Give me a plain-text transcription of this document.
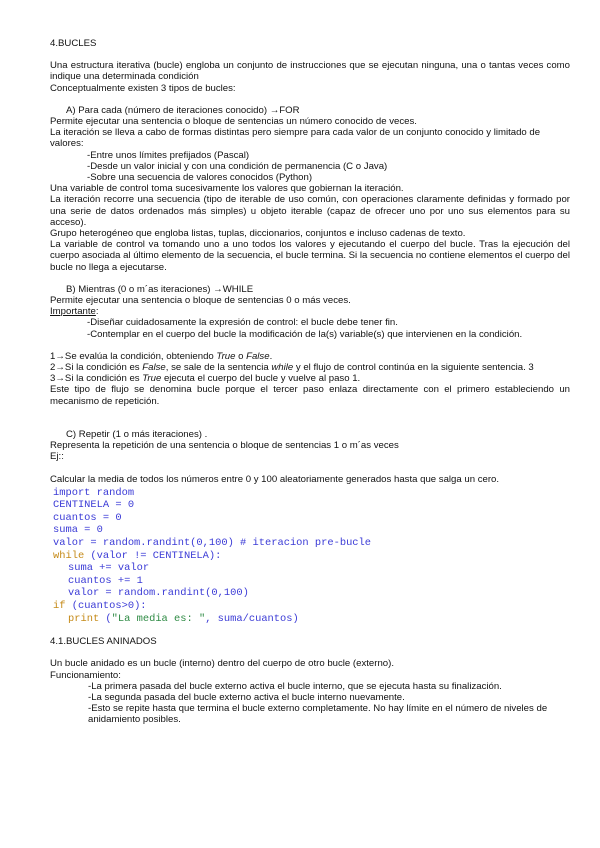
4.BUCLES

Una estructura iterativa (bucle) engloba un conjunto de instrucciones que se ejecutan ninguna, una o tantas veces como indique una determinada condición

Conceptualmente existen 3 tipos de bucles:

A) Para cada (número de iteraciones conocido) →FOR

Permite ejecutar una sentencia o bloque de sentencias un número conocido de veces.

La iteración se lleva a cabo de formas distintas pero siempre para cada valor de un conjunto conocido y limitado de valores:

-Entre unos límites prefijados (Pascal)

-Desde un valor inicial y con una condición de permanencia (C o Java)

-Sobre una secuencia de valores conocidos (Python)

Una variable de control toma sucesivamente los valores que gobiernan la iteración.

La iteración recorre una secuencia (tipo de iterable de uso común, con operaciones claramente definidas y formado por una serie de datos ordenados más simples) u objeto iterable (capaz de ofrecer uno por uno sus elementos para su acceso).

Grupo heterogéneo que engloba listas, tuplas, diccionarios, conjuntos e incluso cadenas de texto.

La variable de control va tomando uno a uno todos los valores y ejecutando el cuerpo del bucle. Tras la ejecución del cuerpo asociada al último elemento de la secuencia, el bucle termina. Si la secuencia no contiene elementos el cuerpo del bucle no llega a ejecutarse.

B) Mientras (0 o m´as iteraciones) →WHILE

Permite ejecutar una sentencia o bloque de sentencias 0 o más veces.

Importante:

-Diseñar cuidadosamente la expresión de control: el bucle debe tener fin.

-Contemplar en el cuerpo del bucle la modificación de la(s) variable(s) que intervienen en la condición.

1→Se evalúa la condición, obteniendo True o False.

2→Si la condición es False, se sale de la sentencia while y el flujo de control continúa en la siguiente sentencia. 3

3→Si la condición es True ejecuta el cuerpo del bucle y vuelve al paso 1.

Este tipo de flujo se denomina bucle porque el tercer paso enlaza directamente con el primero estableciendo un mecanismo de repetición.

C) Repetir (1 o más iteraciones) .

Representa la repetición de una sentencia o bloque de sentencias 1 o m´as veces

Ej::

Calcular la media de todos los números entre 0 y 100 aleatoriamente generados hasta que salga un cero.

import random
CENTINELA = 0
cuantos = 0
suma = 0
valor = random.randint(0,100) # iteracion pre-bucle
while (valor != CENTINELA):
suma += valor
cuantos += 1
valor = random.randint(0,100)
if (cuantos>0):
print ("La media es: ", suma/cuantos)

4.1.BUCLES ANINADOS

Un bucle anidado es un bucle (interno) dentro del cuerpo de otro bucle (externo).

Funcionamiento:

-La primera pasada del bucle externo activa el bucle interno, que se ejecuta hasta su finalización.

-La segunda pasada del bucle externo activa el bucle interno nuevamente.

-Esto se repite hasta que termina el bucle externo completamente. No hay límite en el número de niveles de anidamiento posibles.
